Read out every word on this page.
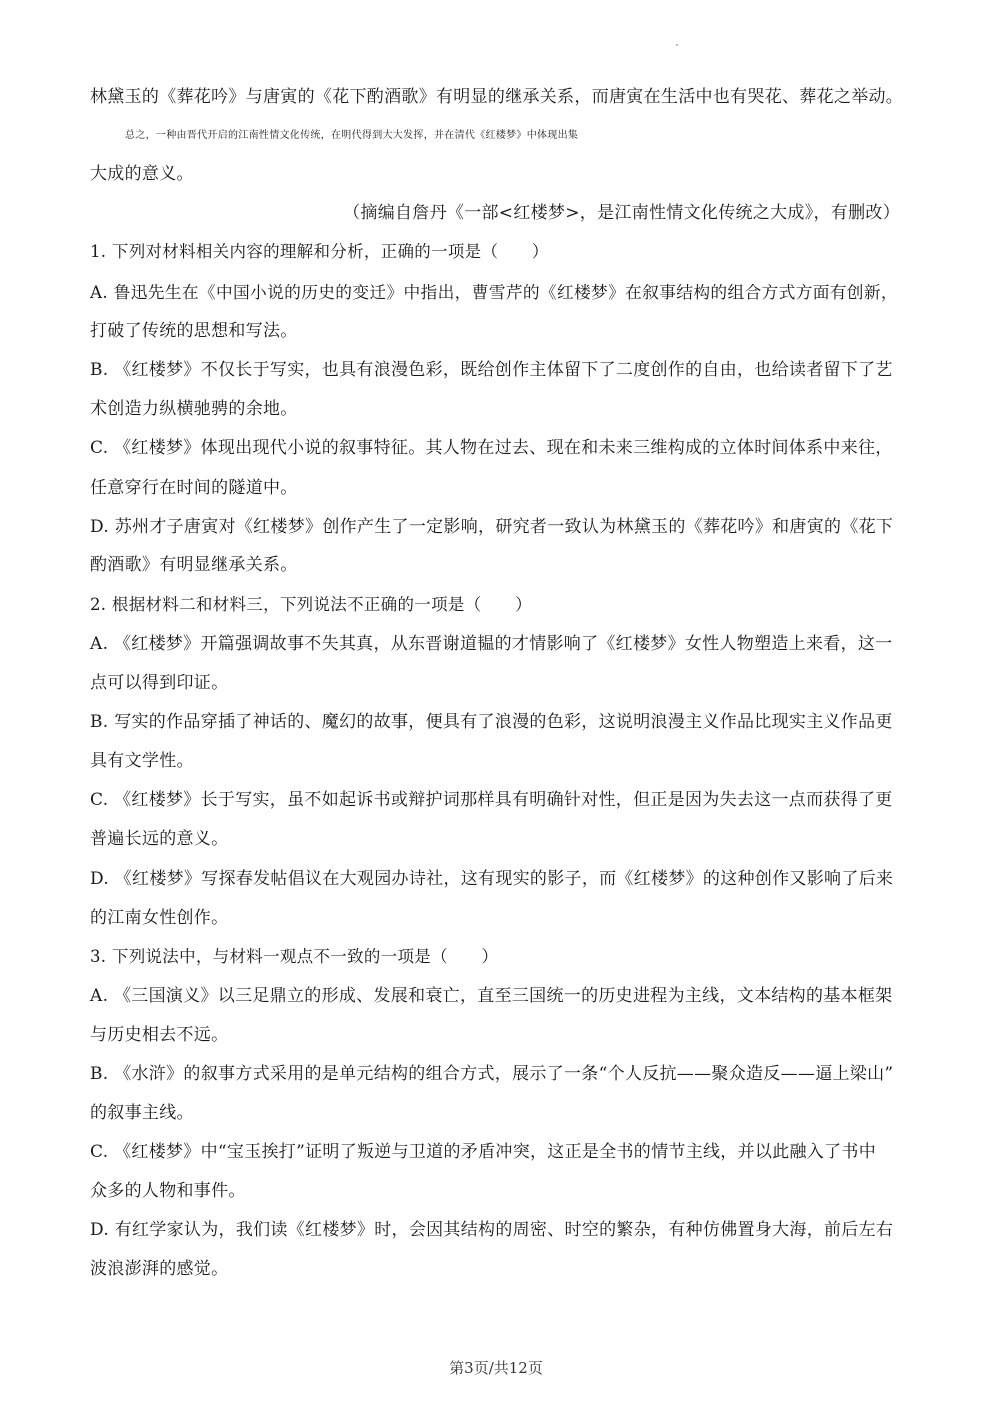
林黛玉的《葬花吟》与唐寅的《花下酌酒歌》有明显的继承关系，而唐寅在生活中也有哭花、葬花之举动。
总之，一种由晋代开启的江南性情文化传统，在明代得到大大发挥，并在清代《红楼梦》中体现出集
大成的意义。
（摘编自詹丹《一部<红楼梦>，是江南性情文化传统之大成》，有删改）
1. 下列对材料相关内容的理解和分析，正确的一项是（　　）
A. 鲁迅先生在《中国小说的历史的变迁》中指出，曹雪芹的《红楼梦》在叙事结构的组合方式方面有创新，
打破了传统的思想和写法。
B. 《红楼梦》不仅长于写实，也具有浪漫色彩，既给创作主体留下了二度创作的自由，也给读者留下了艺
术创造力纵横驰骋的余地。
C. 《红楼梦》体现出现代小说的叙事特征。其人物在过去、现在和未来三维构成的立体时间体系中来往，
任意穿行在时间的隧道中。
D. 苏州才子唐寅对《红楼梦》创作产生了一定影响，研究者一致认为林黛玉的《葬花吟》和唐寅的《花下
酌酒歌》有明显继承关系。
2. 根据材料二和材料三，下列说法不正确的一项是（　　）
A. 《红楼梦》开篇强调故事不失其真，从东晋谢道韫的才情影响了《红楼梦》女性人物塑造上来看，这一
点可以得到印证。
B. 写实的作品穿插了神话的、魔幻的故事，便具有了浪漫的色彩，这说明浪漫主义作品比现实主义作品更
具有文学性。
C. 《红楼梦》长于写实，虽不如起诉书或辩护词那样具有明确针对性，但正是因为失去这一点而获得了更
普遍长远的意义。
D. 《红楼梦》写探春发帖倡议在大观园办诗社，这有现实的影子，而《红楼梦》的这种创作又影响了后来
的江南女性创作。
3. 下列说法中，与材料一观点不一致的一项是（　　）
A. 《三国演义》以三足鼎立的形成、发展和衰亡，直至三国统一的历史进程为主线，文本结构的基本框架
与历史相去不远。
B. 《水浒》的叙事方式采用的是单元结构的组合方式，展示了一条“个人反抗——聚众造反——逼上梁山”
的叙事主线。
C. 《红楼梦》中“宝玉挨打”证明了叛逆与卫道的矛盾冲突，这正是全书的情节主线，并以此融入了书中
众多的人物和事件。
D. 有红学家认为，我们读《红楼梦》时，会因其结构的周密、时空的繁杂，有种仿佛置身大海，前后左右
波浪澎湃的感觉。
第3页/共12页
